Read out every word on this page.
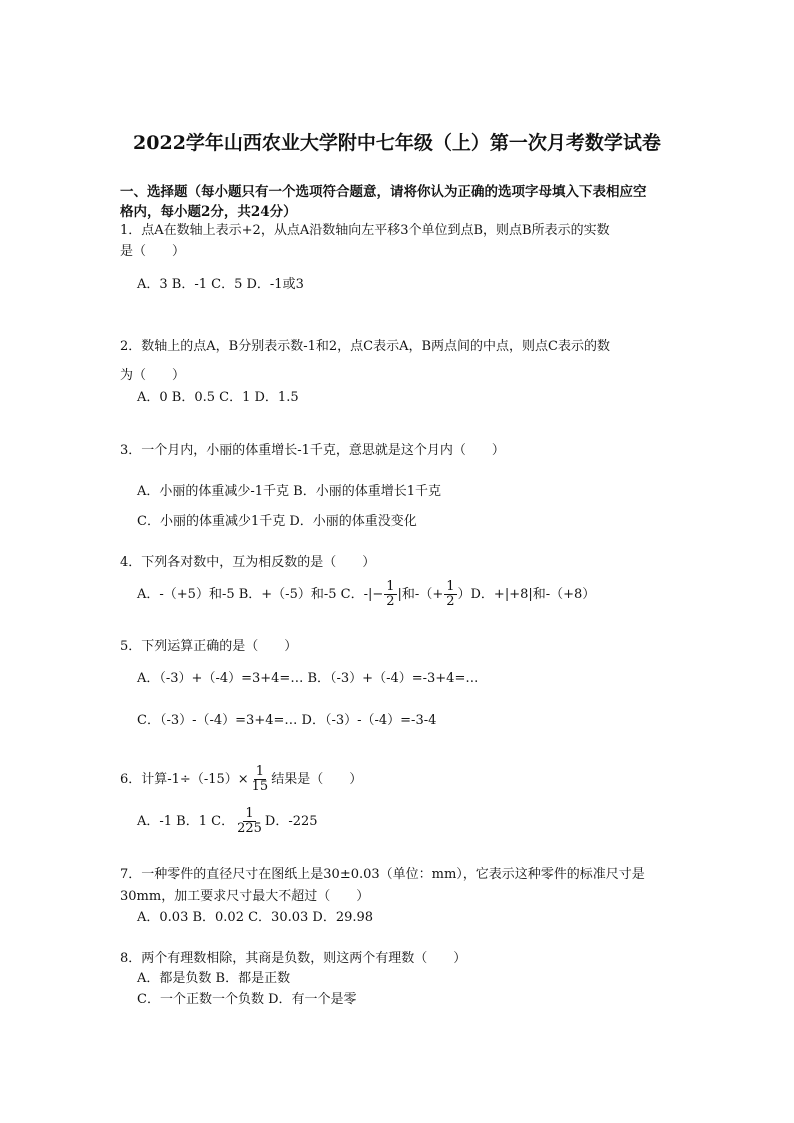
2022学年山西农业大学附中七年级（上）第一次月考数学试卷
一、选择题（每小题只有一个选项符合题意，请将你认为正确的选项字母填入下表相应空
格内，每小题2分，共24分）
1．点A在数轴上表示+2，从点A沿数轴向左平移3个单位到点B，则点B所表示的实数
是（　　）
A．3 B．-1 C．5 D．-1或3
2．数轴上的点A，B分别表示数-1和2，点C表示A，B两点间的中点，则点C表示的数
为（　　）
A．0 B．0.5 C．1 D．1.5
3．一个月内，小丽的体重增长-1千克，意思就是这个月内（　　）
A．小丽的体重减少-1千克 B．小丽的体重增长1千克
C．小丽的体重减少1千克 D．小丽的体重没变化
4．下列各对数中，互为相反数的是（　　）
A．-（+5）和-5 B．+（-5）和-5 C．-|− $\frac{1}{2}$ |和-（+ $\frac{1}{2} )D$．+|+8|和-（+8）
5．下列运算正确的是（　　）
A．（-3）+（-4）=3+4=… B．（-3）+（-4）=-3+4=…
C．（-3）-（-4）=3+4=… D．（-3）-（-4）=-3-4
6．计算$-1\div(-15)\times \frac{1}{15}$ 结果是（　　）
A．-1 B．1 C． $\frac{1}{225}$ D．-225
7．一种零件的直径尺寸在图纸上是30±0.03（单位：mm），它表示这种零件的标准尺寸是
30mm，加工要求尺寸最大不超过（　　）
A．0.03 B．0.02 C．30.03 D．29.98
8．两个有理数相除，其商是负数，则这两个有理数（　　）
A．都是负数 B．都是正数
C．一个正数一个负数 D．有一个是零
